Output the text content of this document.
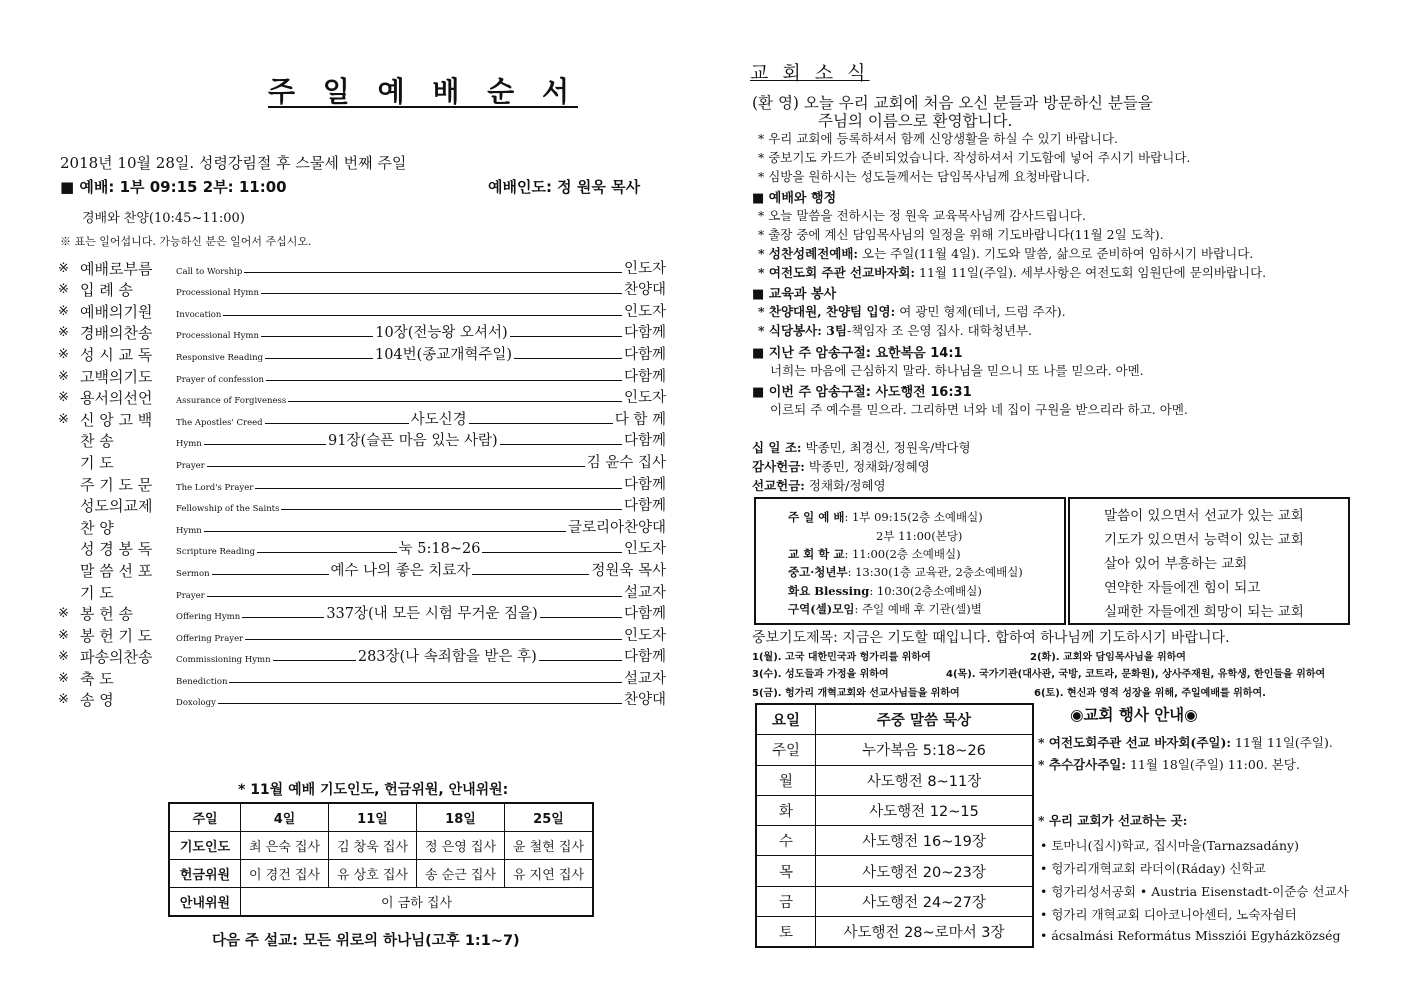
주 일 예 배 순 서
2018년 10월 28일. 성령강림절 후 스물세 번째 주일
■ 예배: 1부 09:15 2부: 11:00	예배인도: 정 원욱 목사
경배와 찬양(10:45~11:00)
※ 표는 일어섭니다. 가능하신 분은 일어서 주십시오.
※ 예배로부름	Call to Worship	인도자
※ 입 례 송	Processional Hymn	찬양대
※ 예배의기원	Invocation	인도자
※ 경배의찬송	Processional Hymn	10장(전능왕 오셔서)	다함께
※ 성 시 교 독	Responsive Reading	104번(종교개혁주일)	다함께
※ 고백의기도	Prayer of confession	다함께
※ 용서의선언	Assurance of Forgiveness	인도자
※ 신 앙 고 백	The Apostles' Creed	사도신경	다 함 께
찬 송	Hymn	91장(슬픈 마음 있는 사람)	다함께
기 도	Prayer	김 윤수 집사
주 기 도 문	The Lord's Prayer	다함께
성도의교제	Fellowship of the Saints	다함께
찬 양	Hymn	글로리아찬양대
성 경 봉 독	Scripture Reading	눅 5:18~26	인도자
말 씀 선 포	Sermon	예수 나의 좋은 치료자	정원욱 목사
기 도	Prayer	설교자
※ 봉 헌 송	Offering Hymn	337장(내 모든 시험 무거운 짐을)	다함께
※ 봉 헌 기 도	Offering Prayer	인도자
※ 파송의찬송	Commissioning Hymn	283장(나 속죄함을 받은 후)	다함께
※ 축 도	Benediction	설교자
※ 송 영	Doxology	찬양대
* 11월 예배 기도인도, 헌금위원, 안내위원:
주일	4일	11일	18일	25일
기도인도	최 은숙 집사	김 창욱 집사	정 은영 집사	윤 철현 집사
헌금위원	이 경건 집사	유 상호 집사	송 순근 집사	유 지연 집사
안내위원	이 금하 집사			
다음 주 설교: 모든 위로의 하나님(고후 1:1~7)
교 회 소 식
(환 영) 오늘 우리 교회에 처음 오신 분들과 방문하신 분들을
주님의 이름으로 환영합니다.
* 우리 교회에 등록하셔서 함께 신앙생활을 하실 수 있기 바랍니다.
* 중보기도 카드가 준비되었습니다. 작성하셔서 기도함에 넣어 주시기 바랍니다.
* 심방을 원하시는 성도들께서는 담임목사님께 요청바랍니다.
■ 예배와 행정
* 오늘 말씀을 전하시는 정 원욱 교육목사님께 감사드립니다.
* 출장 중에 계신 담임목사님의 일정을 위해 기도바랍니다(11월 2일 도착).
* 성찬성례전예배: 오는 주일(11월 4일). 기도와 말씀, 삶으로 준비하여 임하시기 바랍니다.
* 여전도회 주관 선교바자회: 11월 11일(주일). 세부사항은 여전도회 임원단에 문의바랍니다.
■ 교육과 봉사
* 찬양대원, 찬양팀 입영: 여 광민 형제(테너, 드럼 주자).
* 식당봉사: 3팀-책임자 조 은영 집사. 대학청년부.
■ 지난 주 암송구절: 요한복음 14:1
너희는 마음에 근심하지 말라. 하나님을 믿으니 또 나를 믿으라. 아멘.
■ 이번 주 암송구절: 사도행전 16:31
이르되 주 예수를 믿으라. 그리하면 너와 네 집이 구원을 받으리라 하고. 아멘.
십 일 조: 박종민, 최경신, 정원욱/박다형
감사헌금: 박종민, 정채화/정혜영
선교헌금: 정채화/정혜영
주 일 예 배: 1부 09:15(2층 소예배실)
2부 11:00(본당)
교 회 학 교: 11:00(2층 소예배실)
중고·청년부: 13:30(1층 교육관, 2층소예배실)
화요 Blessing: 10:30(2층소예배실)
구역(셀)모임: 주일 예배 후 기관(셀)별
말씀이 있으면서 선교가 있는 교회
기도가 있으면서 능력이 있는 교회
살아 있어 부흥하는 교회
연약한 자들에겐 힘이 되고
실패한 자들에겐 희망이 되는 교회
중보기도제목: 지금은 기도할 때입니다. 합하여 하나님께 기도하시기 바랍니다.
1(월). 고국 대한민국과 헝가리를 위하여	2(화). 교회와 담임목사님을 위하여
3(수). 성도들과 가정을 위하여	4(목). 국가기관(대사관, 국방, 코트라, 문화원), 상사주재원, 유학생, 한인들을 위하여
5(금). 헝가리 개혁교회와 선교사님들을 위하여	6(토). 현신과 영적 성장을 위해, 주일예배를 위하여.
요일	주중 말씀 묵상
주일	누가복음 5:18~26
월	사도행전 8~11장
화	사도행전 12~15
수	사도행전 16~19장
목	사도행전 20~23장
금	사도행전 24~27장
토	사도행전 28~로마서 3장
◉교회 행사 안내◉
* 여전도회주관 선교 바자회(주일): 11월 11일(주일).
* 추수감사주일: 11월 18일(주일) 11:00. 본당.
* 우리 교회가 선교하는 곳:
• 토마니(집시)학교, 집시마을(Tarnazsadány)
• 헝가리개혁교회 라더이(Ráday) 신학교
• 헝가리성서공회 • Austria Eisenstadt-이준승 선교사
• 헝가리 개혁교회 디아코니아센터, 노숙자쉼터
• ácsalmási Református Missziói Egyházközség
